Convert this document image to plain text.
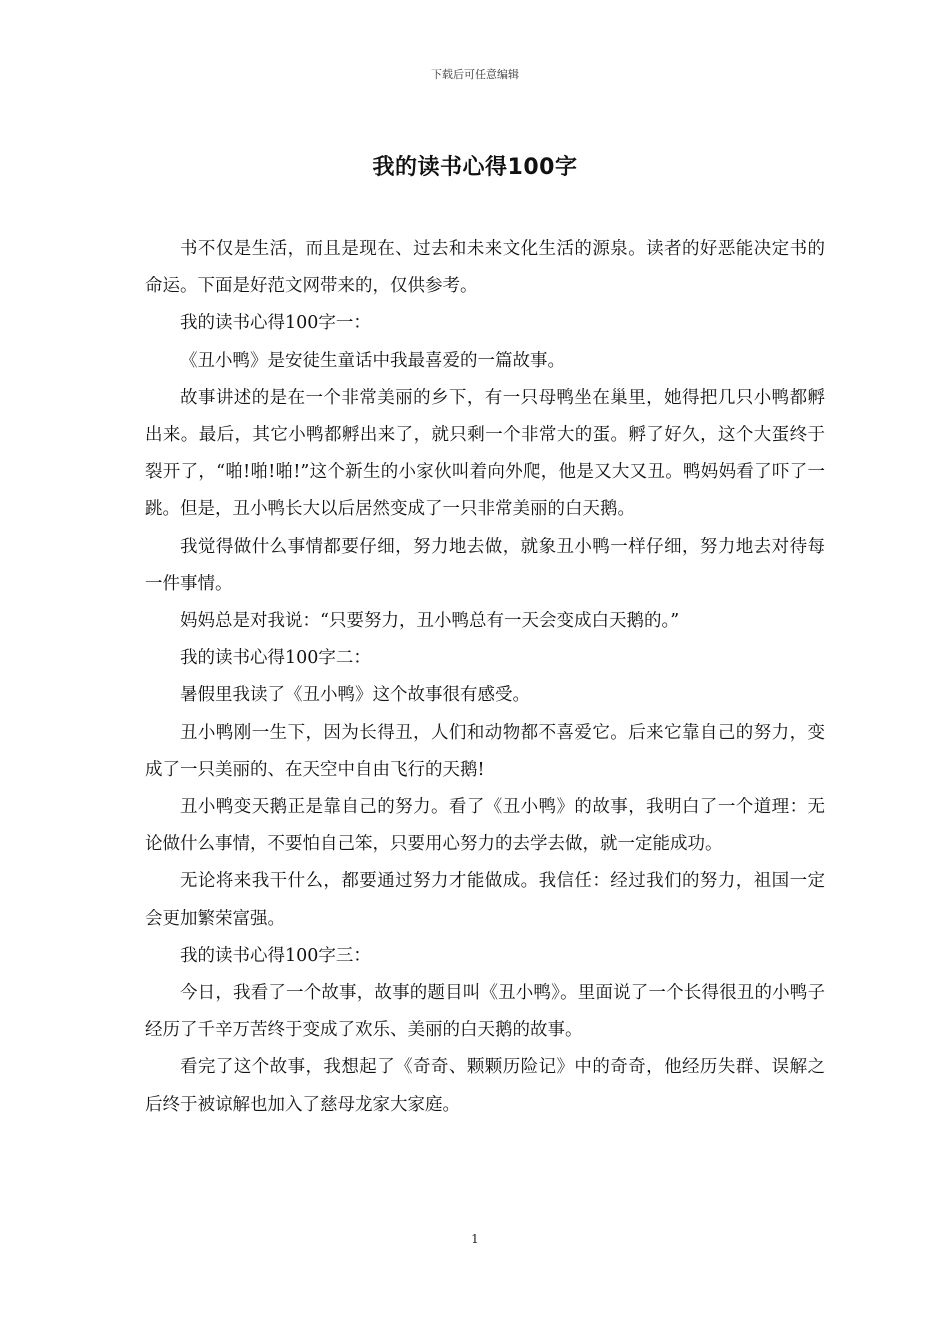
下载后可任意编辑
我的读书心得100字

书不仅是生活，而且是现在、过去和未来文化生活的源泉。读者的好恶能决定书的命运。下面是好范文网带来的，仅供参考。

我的读书心得100字一：

《丑小鸭》是安徒生童话中我最喜爱的一篇故事。

故事讲述的是在一个非常美丽的乡下，有一只母鸭坐在巢里，她得把几只小鸭都孵出来。最后，其它小鸭都孵出来了，就只剩一个非常大的蛋。孵了好久，这个大蛋终于裂开了，“啪!啪!啪!”这个新生的小家伙叫着向外爬，他是又大又丑。鸭妈妈看了吓了一跳。但是，丑小鸭长大以后居然变成了一只非常美丽的白天鹅。

我觉得做什么事情都要仔细，努力地去做，就象丑小鸭一样仔细，努力地去对待每一件事情。

妈妈总是对我说：“只要努力，丑小鸭总有一天会变成白天鹅的。”

我的读书心得100字二：

暑假里我读了《丑小鸭》这个故事很有感受。

丑小鸭刚一生下，因为长得丑，人们和动物都不喜爱它。后来它靠自己的努力，变成了一只美丽的、在天空中自由飞行的天鹅!

丑小鸭变天鹅正是靠自己的努力。看了《丑小鸭》的故事，我明白了一个道理：无论做什么事情，不要怕自己笨，只要用心努力的去学去做，就一定能成功。

无论将来我干什么，都要通过努力才能做成。我信任：经过我们的努力，祖国一定会更加繁荣富强。

我的读书心得100字三：

今日，我看了一个故事，故事的题目叫《丑小鸭》。里面说了一个长得很丑的小鸭子经历了千辛万苦终于变成了欢乐、美丽的白天鹅的故事。

看完了这个故事，我想起了《奇奇、颗颗历险记》中的奇奇，他经历失群、误解之后终于被谅解也加入了慈母龙家大家庭。

1
